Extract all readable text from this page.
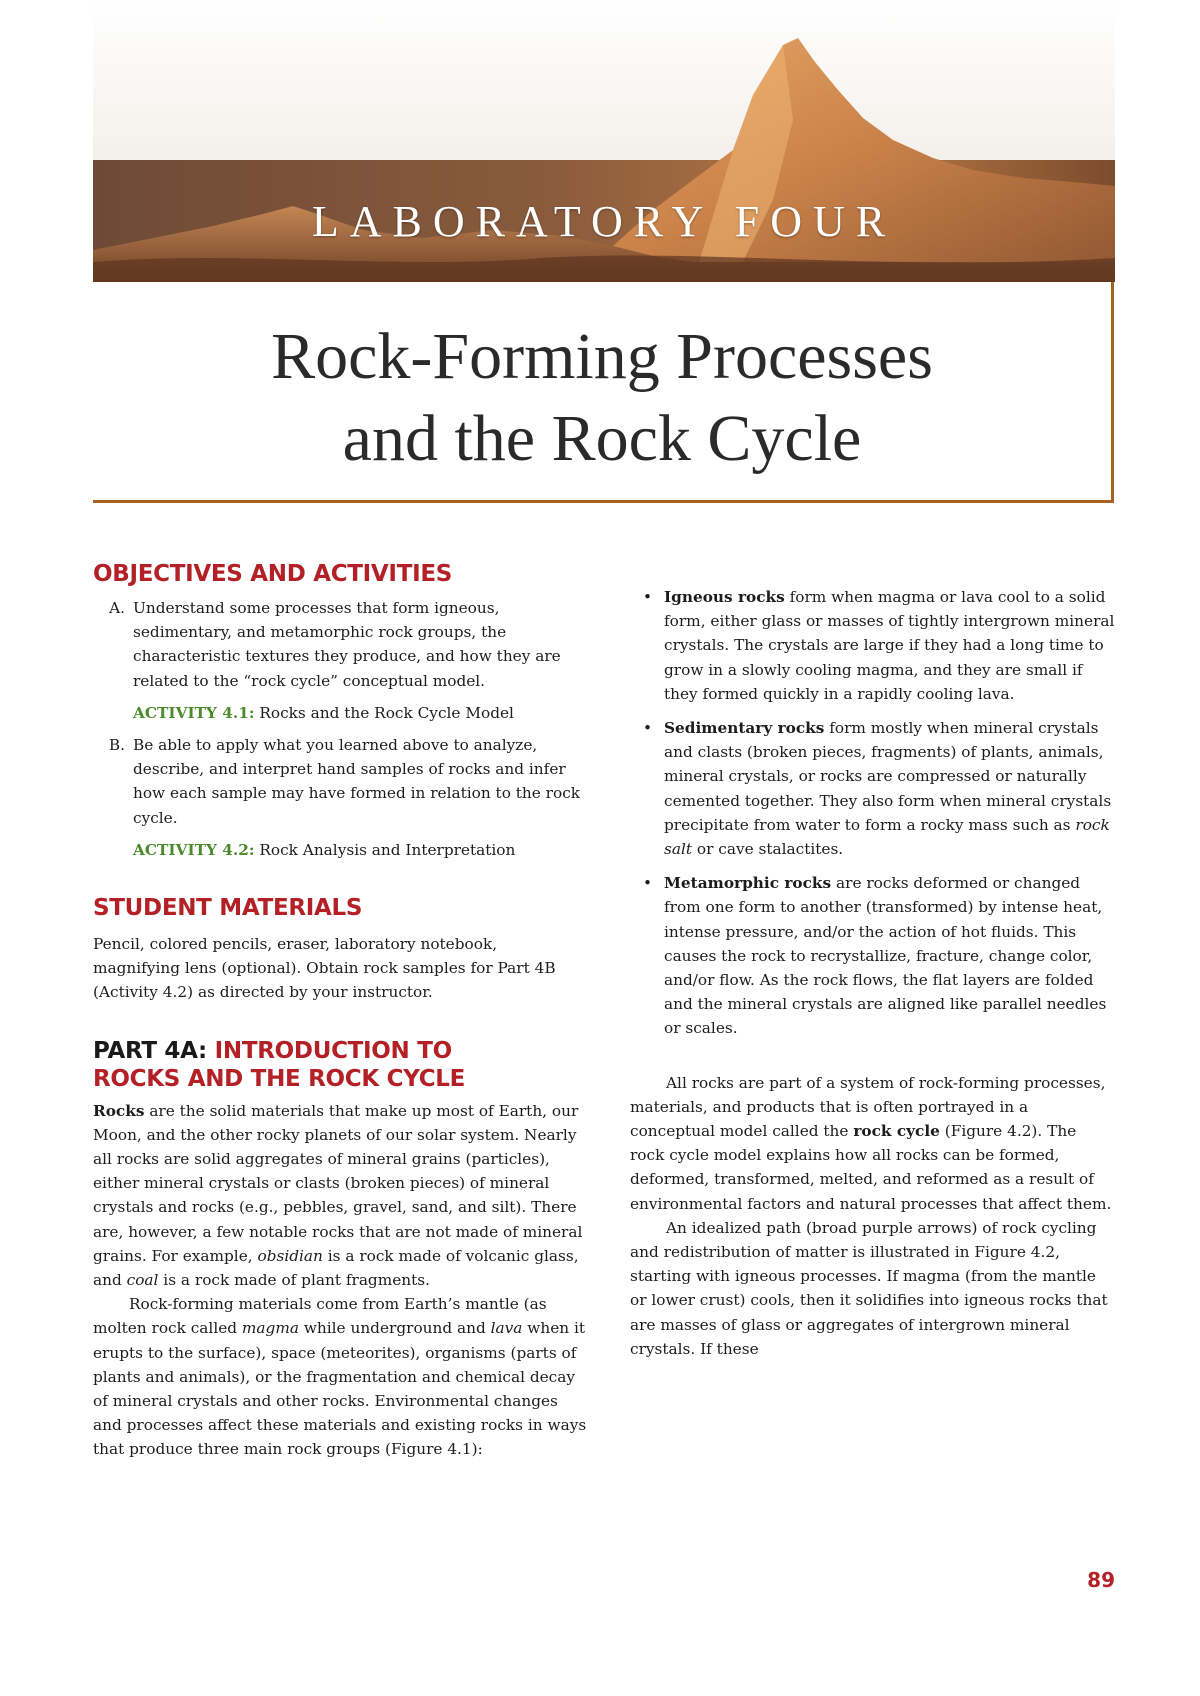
LABORATORY FOUR
Rock-Forming Processes
and the Rock Cycle
OBJECTIVES AND ACTIVITIES
A. Understand some processes that form igneous, sedimentary, and metamorphic rock groups, the characteristic textures they produce, and how they are related to the “rock cycle” conceptual model.

ACTIVITY 4.1: Rocks and the Rock Cycle Model

B. Be able to apply what you learned above to analyze, describe, and interpret hand samples of rocks and infer how each sample may have formed in relation to the rock cycle.

ACTIVITY 4.2: Rock Analysis and Interpretation

STUDENT MATERIALS

Pencil, colored pencils, eraser, laboratory notebook, magnifying lens (optional). Obtain rock samples for Part 4B (Activity 4.2) as directed by your instructor.

PART 4A: INTRODUCTION TO
ROCKS AND THE ROCK CYCLE

Rocks are the solid materials that make up most of Earth, our Moon, and the other rocky planets of our solar system. Nearly all rocks are solid aggregates of mineral grains (particles), either mineral crystals or clasts (broken pieces) of mineral crystals and rocks (e.g., pebbles, gravel, sand, and silt). There are, however, a few notable rocks that are not made of mineral grains. For example, obsidian is a rock made of volcanic glass, and coal is a rock made of plant fragments.

Rock-forming materials come from Earth’s mantle (as molten rock called magma while underground and lava when it erupts to the surface), space (meteorites), organisms (parts of plants and animals), or the fragmentation and chemical decay of mineral crystals and other rocks. Environmental changes and processes affect these materials and existing rocks in ways that produce three main rock groups (Figure 4.1):

• Igneous rocks form when magma or lava cool to a solid form, either glass or masses of tightly intergrown mineral crystals. The crystals are large if they had a long time to grow in a slowly cooling magma, and they are small if they formed quickly in a rapidly cooling lava.
• Sedimentary rocks form mostly when mineral crystals and clasts (broken pieces, fragments) of plants, animals, mineral crystals, or rocks are compressed or naturally cemented together. They also form when mineral crystals precipitate from water to form a rocky mass such as rock salt or cave stalactites.
• Metamorphic rocks are rocks deformed or changed from one form to another (transformed) by intense heat, intense pressure, and/or the action of hot fluids. This causes the rock to recrystallize, fracture, change color, and/or flow. As the rock flows, the flat layers are folded and the mineral crystals are aligned like parallel needles or scales.

All rocks are part of a system of rock-forming processes, materials, and products that is often portrayed in a conceptual model called the rock cycle (Figure 4.2). The rock cycle model explains how all rocks can be formed, deformed, transformed, melted, and reformed as a result of environmental factors and natural processes that affect them.

An idealized path (broad purple arrows) of rock cycling and redistribution of matter is illustrated in Figure 4.2, starting with igneous processes. If magma (from the mantle or lower crust) cools, then it solidifies into igneous rocks that are masses of glass or aggregates of intergrown mineral crystals. If these

89
